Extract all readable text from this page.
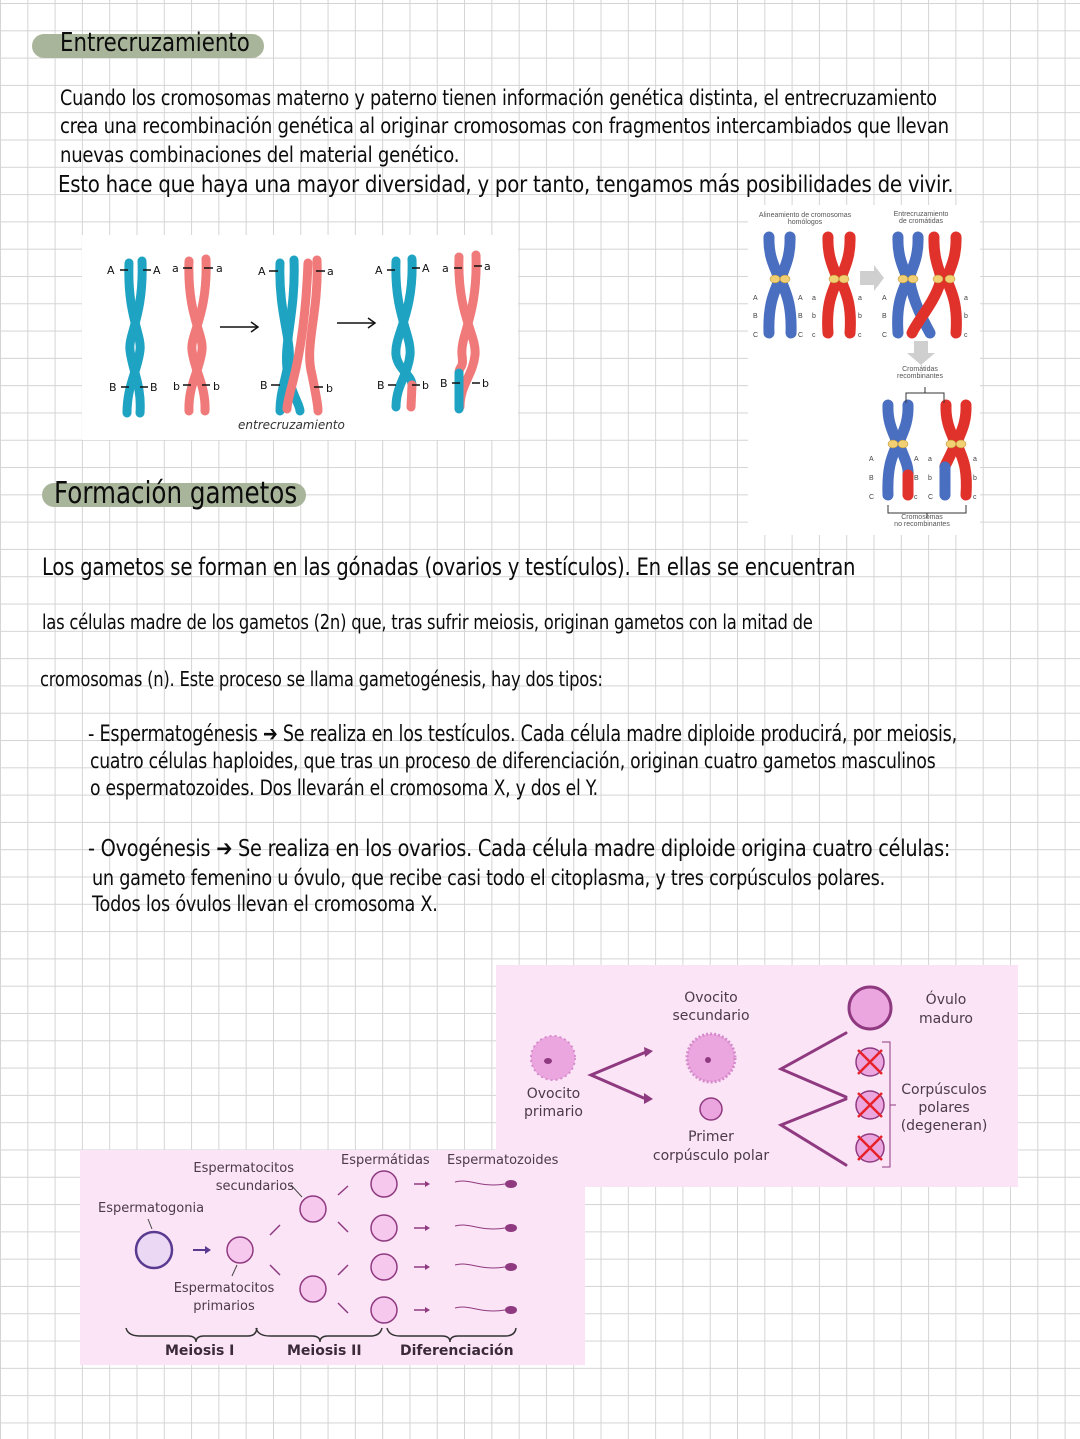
Entrecruzamiento
Cuando los cromosomas materno y paterno tienen información genética distinta, el entrecruzamiento
crea una recombinación genética al originar cromosomas con fragmentos intercambiados que llevan
nuevas combinaciones del material genético.
Esto hace que haya una mayor diversidad, y por tanto, tengamos más posibilidades de vivir.
A	A a	a
B	B b	b
A	a
B	b
A	A a	a
B	b B	b
entrecruzamiento
Alineamiento de cromosomas
homólogos
Entrecruzamiento
de cromátidas
A
B
C
A
B
C
a
b
c
a
b
c
A
B
C
a
b
c
A
B
C
A
B
c
a
b
C
a
b
c
Cromátidas
recombinantes
Cromosomas
no recombinantes
Formación gametos
Los gametos se forman en las gónadas (ovarios y testículos). En ellas se encuentran
las células madre de los gametos (2n) que, tras sufrir meiosis, originan gametos con la mitad de
cromosomas (n). Este proceso se llama gametogénesis, hay dos tipos:
- Espermatogénesis ➔ Se realiza en los testículos. Cada célula madre diploide producirá, por meiosis,
cuatro células haploides, que tras un proceso de diferenciación, originan cuatro gametos masculinos
o espermatozoides. Dos llevarán el cromosoma X, y dos el Y.
- Ovogénesis ➔ Se realiza en los ovarios. Cada célula madre diploide origina cuatro células:
un gameto femenino u óvulo, que recibe casi todo el citoplasma, y tres corpúsculos polares.
Todos los óvulos llevan el cromosoma X.
Ovocito
primario
Ovocito
secundario
Primer
corpúsculo polar
Óvulo
maduro
Corpúsculos
polares
(degeneran)
Espermatogonia
Espermatocitos
secundarios
Espermatocitos
primarios
Espermátidas Espermatozoides
Meiosis I	Meiosis II	Diferenciación
